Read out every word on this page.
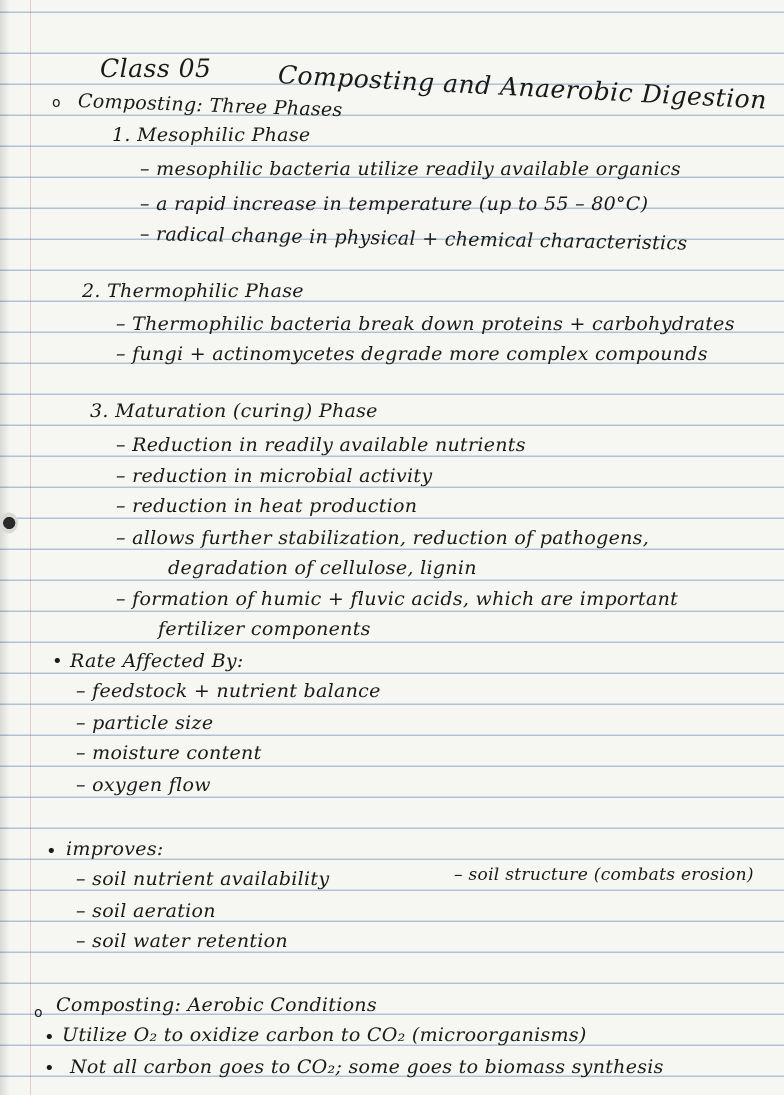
Class 05	Composting and Anaerobic Digestion
o Composting: Three Phases
1. Mesophilic Phase
– mesophilic bacteria utilize readily available organics
– a rapid increase in temperature (up to 55 – 80°C)
– radical change in physical + chemical characteristics
2. Thermophilic Phase
– Thermophilic bacteria break down proteins + carbohydrates
– fungi + actinomycetes degrade more complex compounds
3. Maturation (curing) Phase
– Reduction in readily available nutrients
– reduction in microbial activity
– reduction in heat production
– allows further stabilization, reduction of pathogens,
degradation of cellulose, lignin
– formation of humic + fluvic acids, which are important
fertilizer components
• Rate Affected By:
– feedstock + nutrient balance
– particle size
– moisture content
– oxygen flow
• improves:
– soil nutrient availability
– soil aeration
– soil water retention
– soil structure (combats erosion)
o Composting: Aerobic Conditions
• Utilize O₂ to oxidize carbon to CO₂ (microorganisms)
• Not all carbon goes to CO₂; some goes to biomass synthesis
